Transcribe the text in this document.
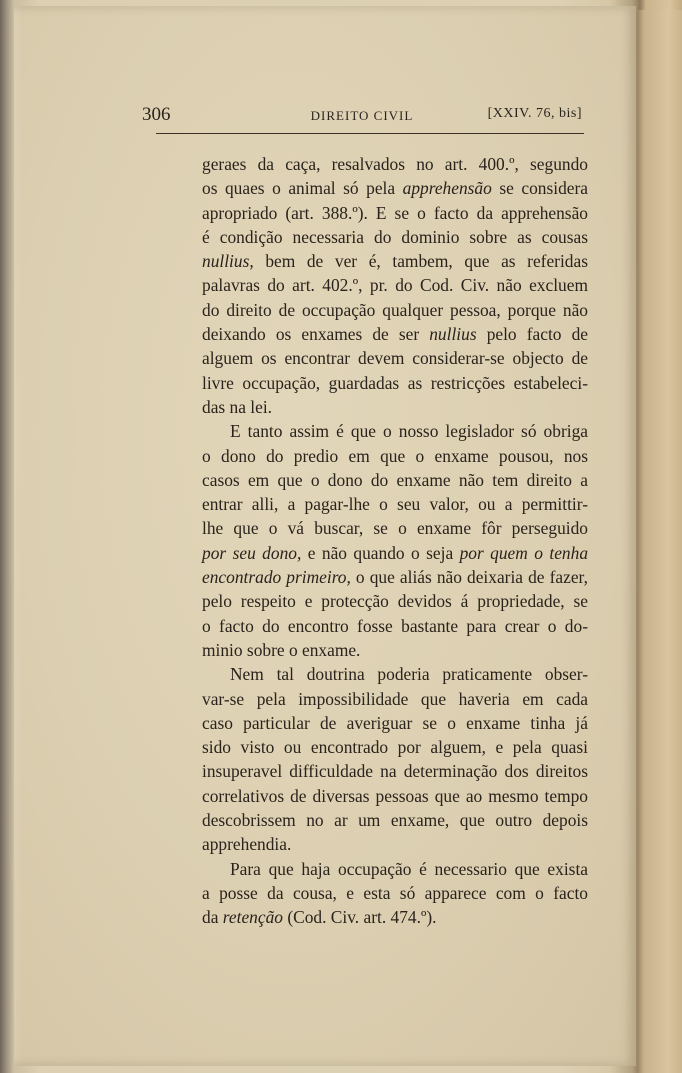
306	DIREITO CIVIL	[XXIV. 76, bis]
geraes da caça, resalvados no art. 400.º, segundo
os quaes o animal só pela apprehensão se considera
apropriado (art. 388.º). E se o facto da apprehensão
é condição necessaria do dominio sobre as cousas
nullius, bem de ver é, tambem, que as referidas
palavras do art. 402.º, pr. do Cod. Civ. não excluem
do direito de occupação qualquer pessoa, porque não
deixando os enxames de ser nullius pelo facto de
alguem os encontrar devem considerar-se objecto de
livre occupação, guardadas as restricções estabeleci-
das na lei.
E tanto assim é que o nosso legislador só obriga
o dono do predio em que o enxame pousou, nos
casos em que o dono do enxame não tem direito a
entrar alli, a pagar-lhe o seu valor, ou a permittir-
lhe que o vá buscar, se o enxame fôr perseguido
por seu dono, e não quando o seja por quem o tenha
encontrado primeiro, o que aliás não deixaria de fazer,
pelo respeito e protecção devidos á propriedade, se
o facto do encontro fosse bastante para crear o do-
minio sobre o enxame.
Nem tal doutrina poderia praticamente obser-
var-se pela impossibilidade que haveria em cada
caso particular de averiguar se o enxame tinha já
sido visto ou encontrado por alguem, e pela quasi
insuperavel difficuldade na determinação dos direitos
correlativos de diversas pessoas que ao mesmo tempo
descobrissem no ar um enxame, que outro depois
apprehendia.
Para que haja occupação é necessario que exista
a posse da cousa, e esta só apparece com o facto
da retenção (Cod. Civ. art. 474.º).
